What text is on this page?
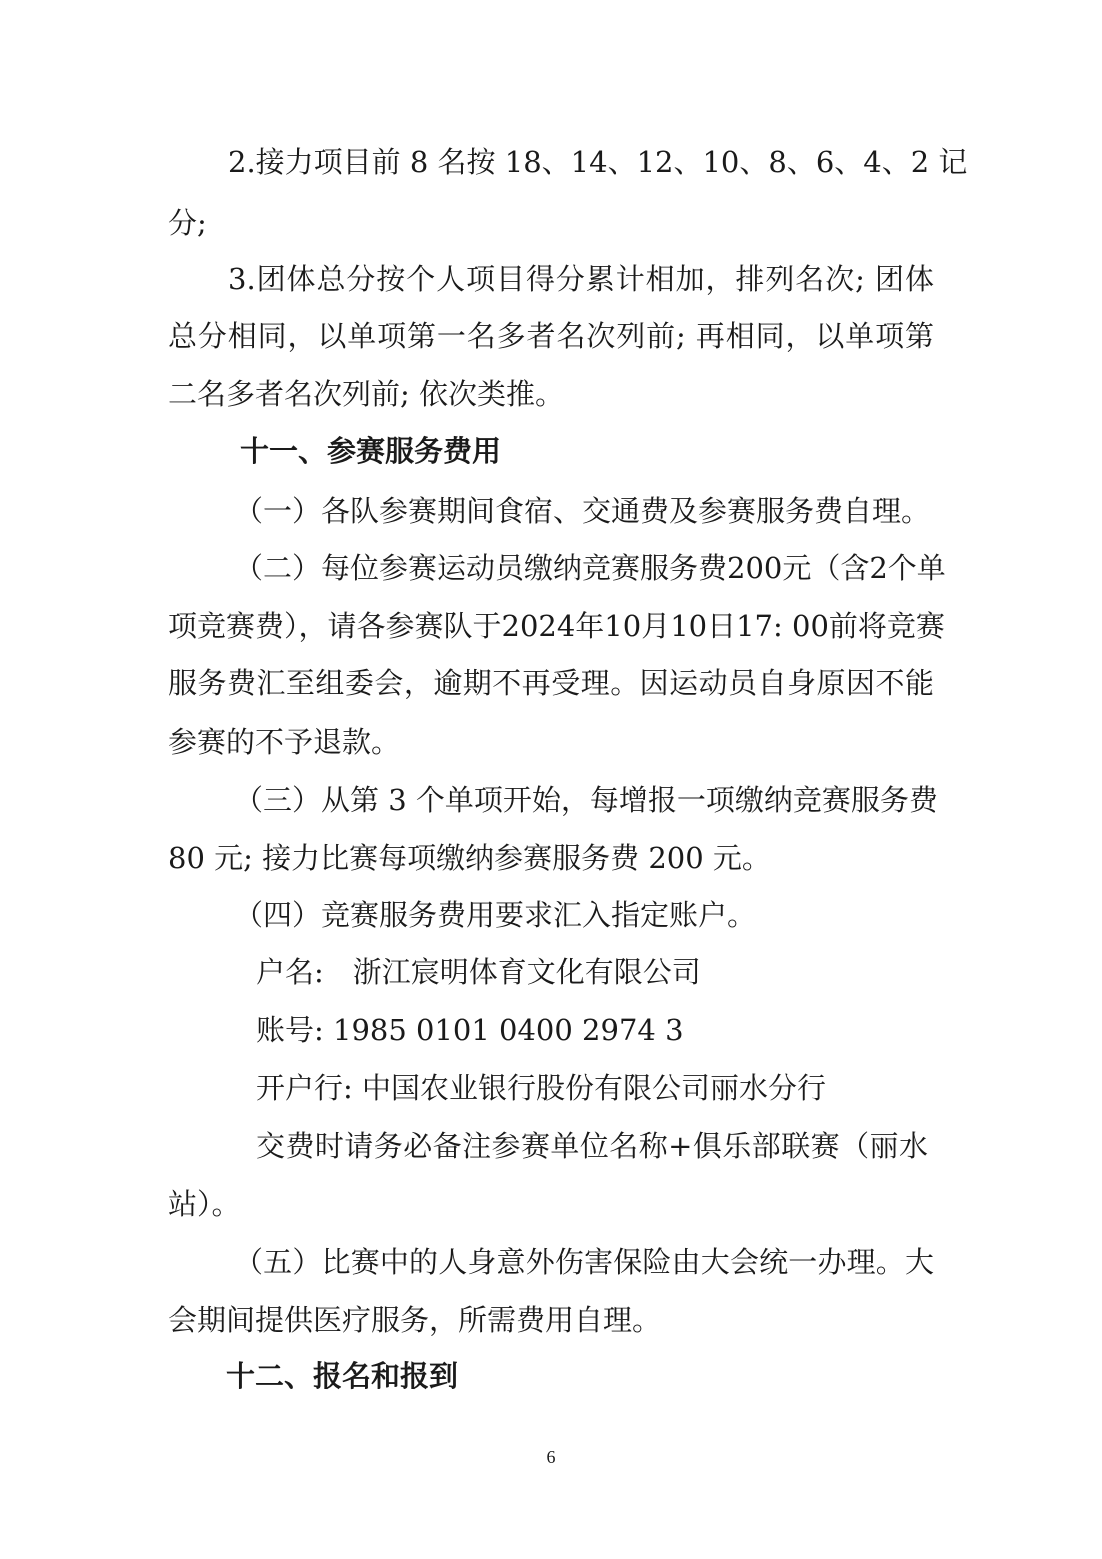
2.接力项目前 8 名按 18、14、12、10、8、6、4、2 记
分;
3.团体总分按个人项目得分累计相加，排列名次; 团体
总分相同，以单项第一名多者名次列前; 再相同，以单项第
二名多者名次列前; 依次类推。
十一、参赛服务费用
（一）各队参赛期间食宿、交通费及参赛服务费自理。
（二）每位参赛运动员缴纳竞赛服务费200元（含2个单
项竞赛费），请各参赛队于2024年10月10日17: 00前将竞赛
服务费汇至组委会，逾期不再受理。因运动员自身原因不能
参赛的不予退款。
（三）从第 3 个单项开始，每增报一项缴纳竞赛服务费
80 元; 接力比赛每项缴纳参赛服务费 200 元。
（四）竞赛服务费用要求汇入指定账户。
户名:　浙江宸明体育文化有限公司
账号: 1985 0101 0400 2974 3
开户行: 中国农业银行股份有限公司丽水分行
交费时请务必备注参赛单位名称+俱乐部联赛（丽水
站）。
（五）比赛中的人身意外伤害保险由大会统一办理。大
会期间提供医疗服务，所需费用自理。
十二、报名和报到
6
